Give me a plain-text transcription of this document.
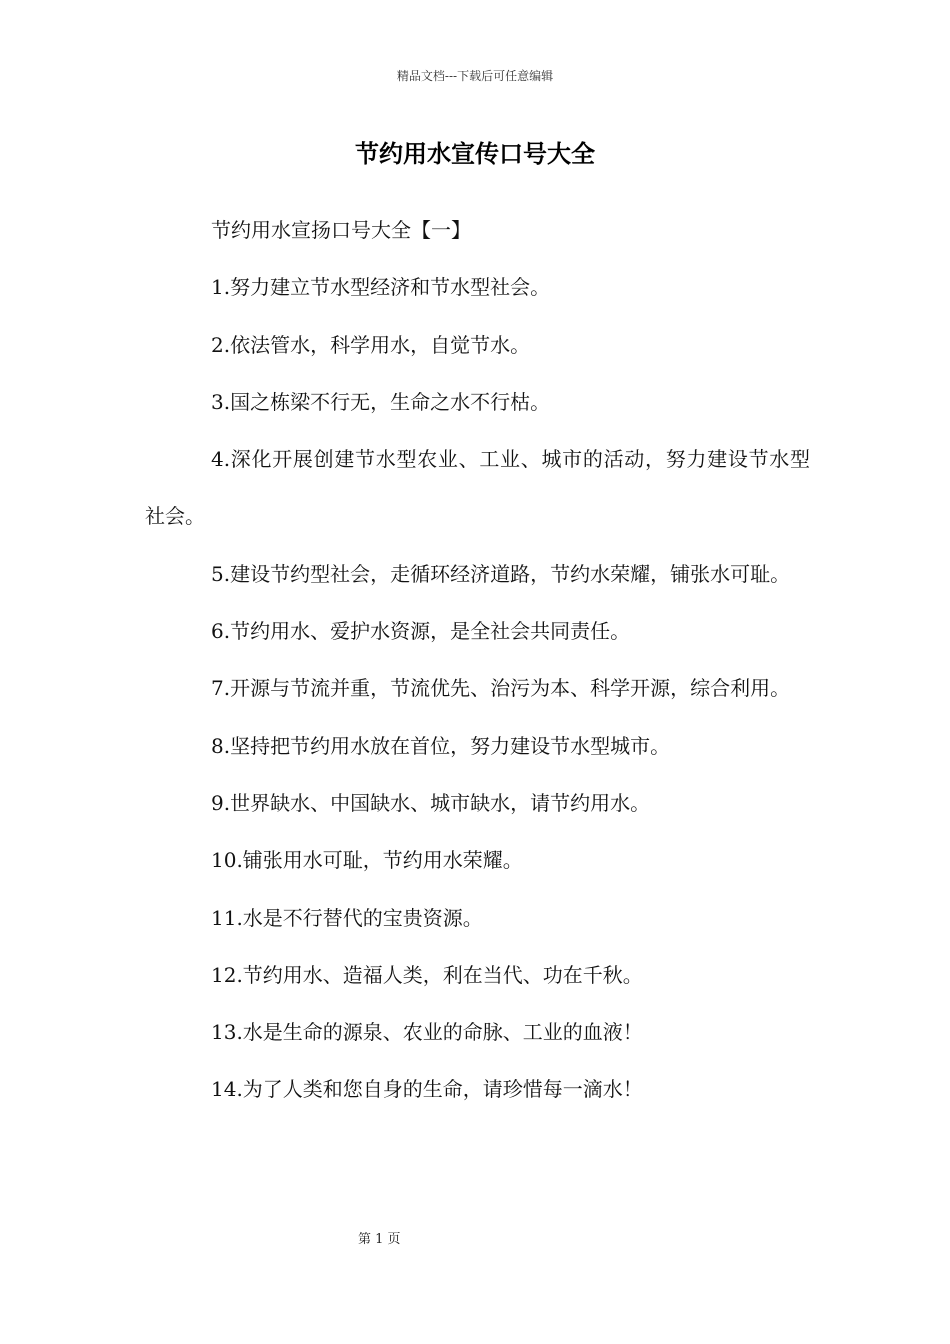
精品文档---下载后可任意编辑
节约用水宣传口号大全

节约用水宣扬口号大全【一】

1.努力建立节水型经济和节水型社会。

2.依法管水，科学用水，自觉节水。

3.国之栋梁不行无，生命之水不行枯。

4.深化开展创建节水型农业、工业、城市的活动，努力建设节水型社会。

5.建设节约型社会，走循环经济道路，节约水荣耀，铺张水可耻。

6.节约用水、爱护水资源，是全社会共同责任。

7.开源与节流并重，节流优先、治污为本、科学开源，综合利用。

8.坚持把节约用水放在首位，努力建设节水型城市。

9.世界缺水、中国缺水、城市缺水，请节约用水。

10.铺张用水可耻，节约用水荣耀。

11.水是不行替代的宝贵资源。

12.节约用水、造福人类，利在当代、功在千秋。

13.水是生命的源泉、农业的命脉、工业的血液！

14.为了人类和您自身的生命，请珍惜每一滴水！

第 1 页
